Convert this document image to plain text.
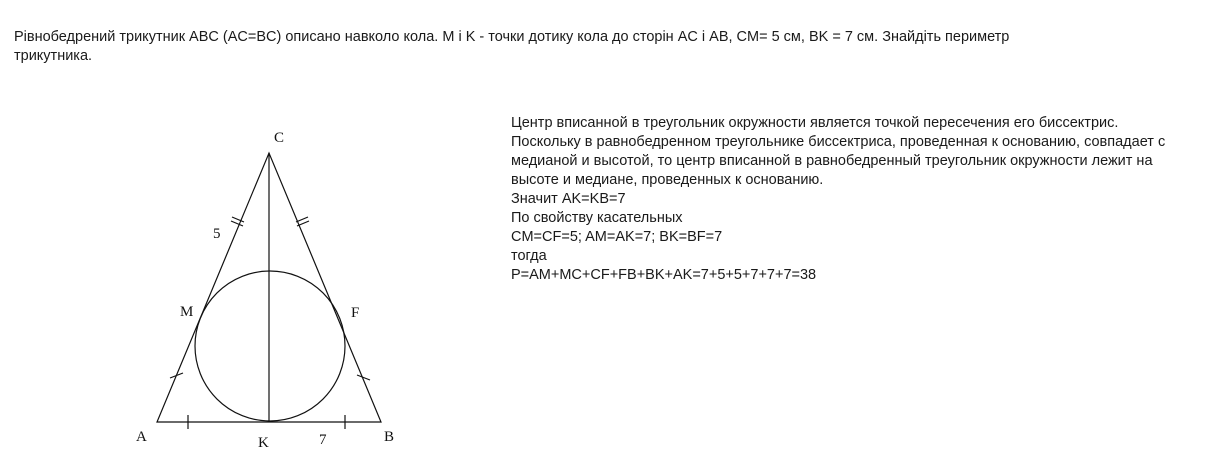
Рівнобедрений трикутник ABC (AC=BC) описано навколо кола. M і K - точки дотику кола до сторін AC і AB, CM= 5 см, BK = 7 см. Знайдіть периметр трикутника.

C
A	B
K
M	F
5
7

Центр вписанной в треугольник окружности является точкой пересечения его биссектрис.

Поскольку в равнобедренном треугольнике биссектриса, проведенная к основанию, совпадает с

медианой и высотой, то центр вписанной в равнобедренный треугольник окружности лежит на

высоте и медиане, проведенных к основанию.

Значит AK=KB=7

По свойству касательных

CM=CF=5; AM=AK=7; BK=BF=7

тогда

P=AM+MC+CF+FB+BK+AK=7+5+5+7+7+7=38
